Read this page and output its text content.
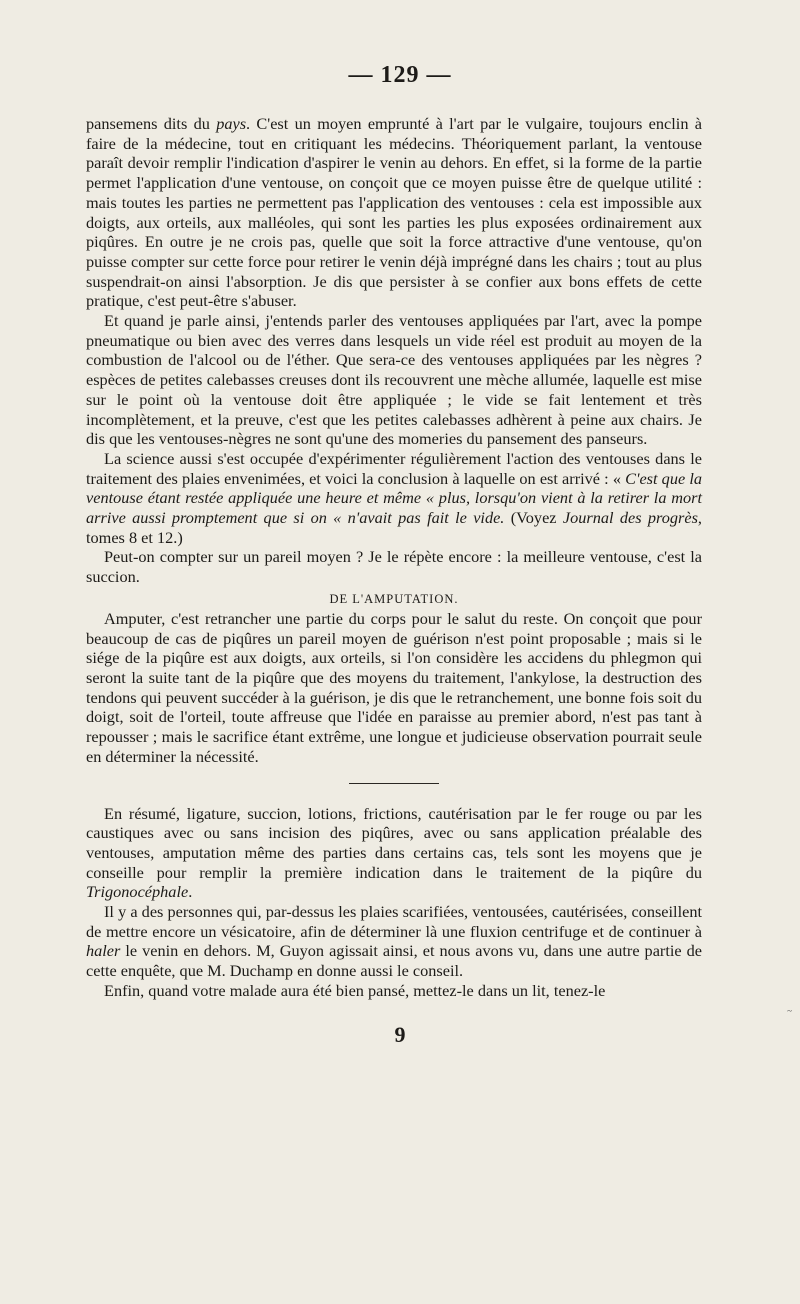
— 129 —

pansemens dits du pays. C'est un moyen emprunté à l'art par le vulgaire, toujours enclin à faire de la médecine, tout en critiquant les médecins. Théoriquement parlant, la ventouse paraît devoir remplir l'indication d'aspirer le venin au dehors. En effet, si la forme de la partie permet l'application d'une ventouse, on conçoit que ce moyen puisse être de quelque utilité : mais toutes les parties ne permettent pas l'application des ventouses : cela est impossible aux doigts, aux orteils, aux malléoles, qui sont les parties les plus exposées ordinairement aux piqûres. En outre je ne crois pas, quelle que soit la force attractive d'une ventouse, qu'on puisse compter sur cette force pour retirer le venin déjà imprégné dans les chairs ; tout au plus suspendrait-on ainsi l'absorption. Je dis que persister à se confier aux bons effets de cette pratique, c'est peut-être s'abuser.

Et quand je parle ainsi, j'entends parler des ventouses appliquées par l'art, avec la pompe pneumatique ou bien avec des verres dans lesquels un vide réel est produit au moyen de la combustion de l'alcool ou de l'éther. Que sera-ce des ventouses appliquées par les nègres ? espèces de petites calebasses creuses dont ils recouvrent une mèche allumée, laquelle est mise sur le point où la ventouse doit être appliquée ; le vide se fait lentement et très incomplètement, et la preuve, c'est que les petites calebasses adhèrent à peine aux chairs. Je dis que les ventouses-nègres ne sont qu'une des momeries du pansement des panseurs.

La science aussi s'est occupée d'expérimenter régulièrement l'action des ventouses dans le traitement des plaies envenimées, et voici la conclusion à laquelle on est arrivé : « C'est que la ventouse étant restée appliquée une heure et même « plus, lorsqu'on vient à la retirer la mort arrive aussi promptement que si on « n'avait pas fait le vide. (Voyez Journal des progrès, tomes 8 et 12.)

Peut-on compter sur un pareil moyen ? Je le répète encore : la meilleure ventouse, c'est la succion.

DE L'AMPUTATION.

Amputer, c'est retrancher une partie du corps pour le salut du reste. On conçoit que pour beaucoup de cas de piqûres un pareil moyen de guérison n'est point proposable ; mais si le siége de la piqûre est aux doigts, aux orteils, si l'on considère les accidens du phlegmon qui seront la suite tant de la piqûre que des moyens du traitement, l'ankylose, la destruction des tendons qui peuvent succéder à la guérison, je dis que le retranchement, une bonne fois soit du doigt, soit de l'orteil, toute affreuse que l'idée en paraisse au premier abord, n'est pas tant à repousser ; mais le sacrifice étant extrême, une longue et judicieuse observation pourrait seule en déterminer la nécessité.

En résumé, ligature, succion, lotions, frictions, cautérisation par le fer rouge ou par les caustiques avec ou sans incision des piqûres, avec ou sans application préalable des ventouses, amputation même des parties dans certains cas, tels sont les moyens que je conseille pour remplir la première indication dans le traitement de la piqûre du Trigonocéphale.

Il y a des personnes qui, par-dessus les plaies scarifiées, ventousées, cautérisées, conseillent de mettre encore un vésicatoire, afin de déterminer là une fluxion centrifuge et de continuer à haler le venin en dehors. M, Guyon agissait ainsi, et nous avons vu, dans une autre partie de cette enquête, que M. Duchamp en donne aussi le conseil.

Enfin, quand votre malade aura été bien pansé, mettez-le dans un lit, tenez-le

9
~
